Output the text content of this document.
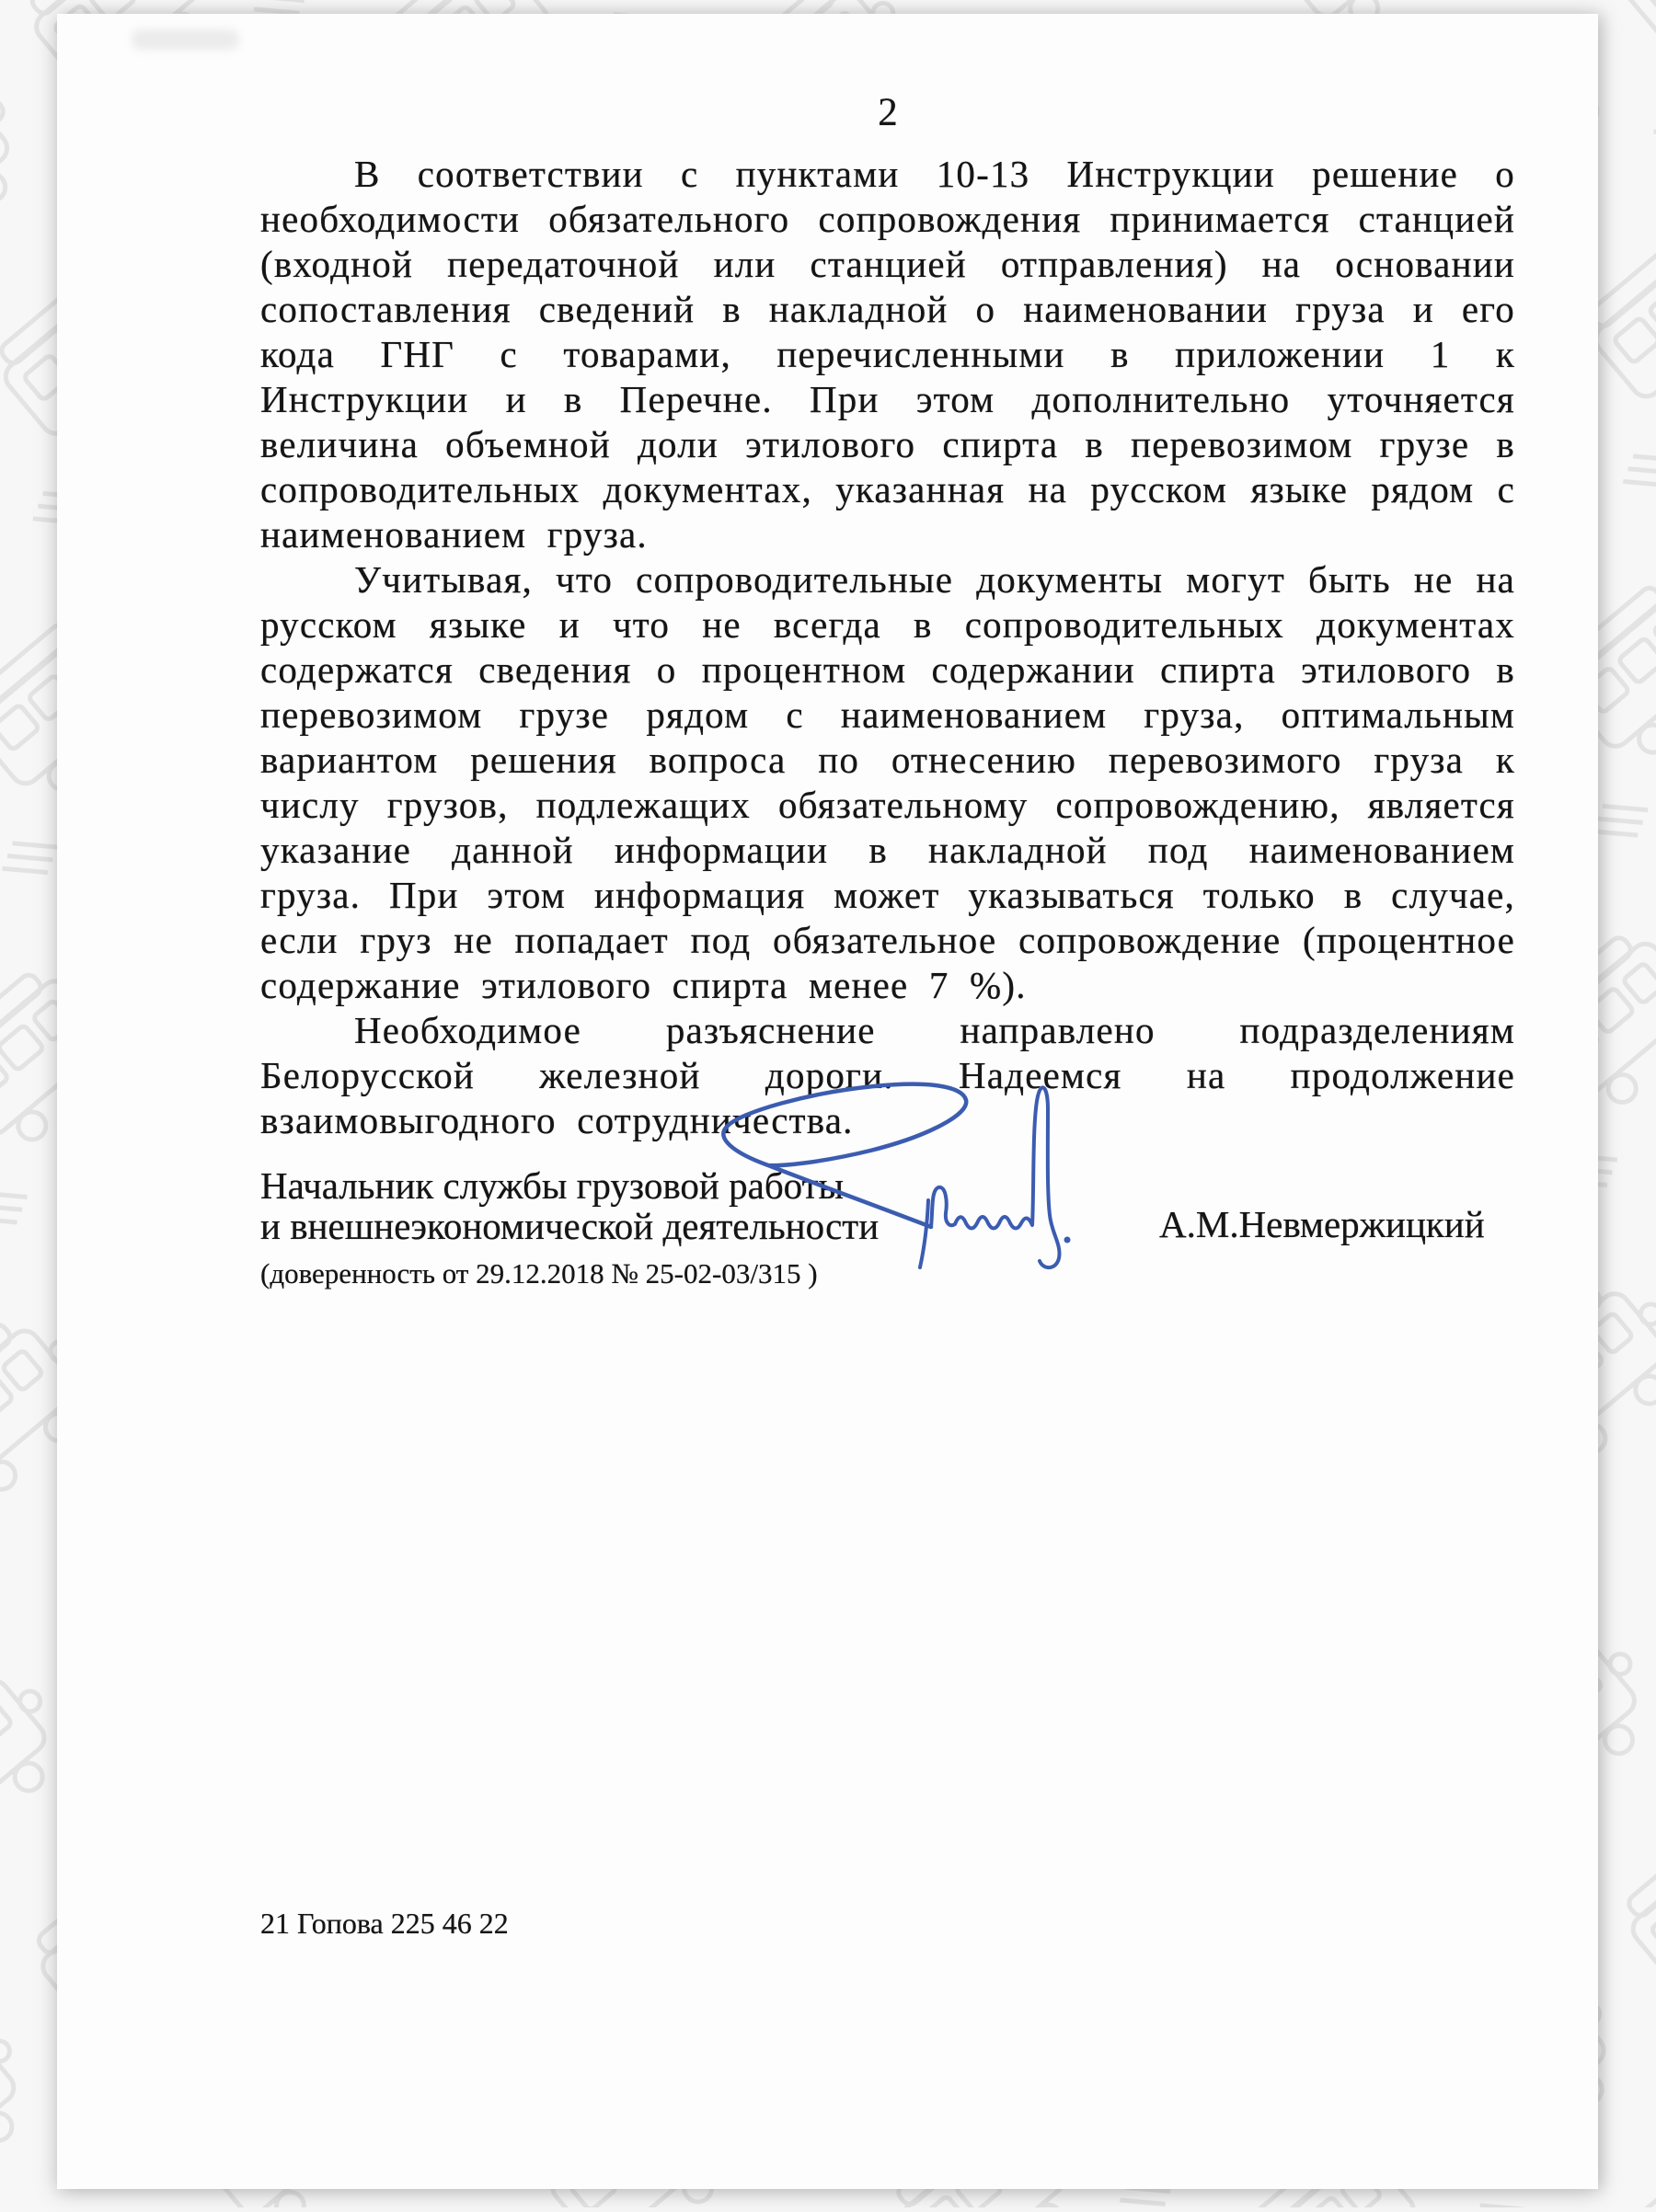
2

В соответствии с пунктами 10-13 Инструкции решение о необходимости обязательного сопровождения принимается станцией (входной передаточной или станцией отправления) на основании сопоставления сведений в накладной о наименовании груза и его кода ГНГ с товарами, перечисленными в приложении 1 к Инструкции и в Перечне. При этом дополнительно уточняется величина объемной доли этилового спирта в перевозимом грузе в сопроводительных документах, указанная на русском языке рядом с наименованием груза.

Учитывая, что сопроводительные документы могут быть не на русском языке и что не всегда в сопроводительных документах содержатся сведения о процентном содержании спирта этилового в перевозимом грузе рядом с наименованием груза, оптимальным вариантом решения вопроса по отнесению перевозимого груза к числу грузов, подлежащих обязательному сопровождению, является указание данной информации в накладной под наименованием груза. При этом информация может указываться только в случае, если груз не попадает под обязательное сопровождение (процентное содержание этилового спирта менее 7 %).

Необходимое разъяснение направлено подразделениям Белорусской железной дороги. Надеемся на продолжение взаимовыгодного сотрудничества.

Начальник службы грузовой работы
и внешнеэкономической деятельности
(доверенность от 29.12.2018 № 25-02-03/315 )
А.М.Невмержицкий
21 Гопова 225 46 22
